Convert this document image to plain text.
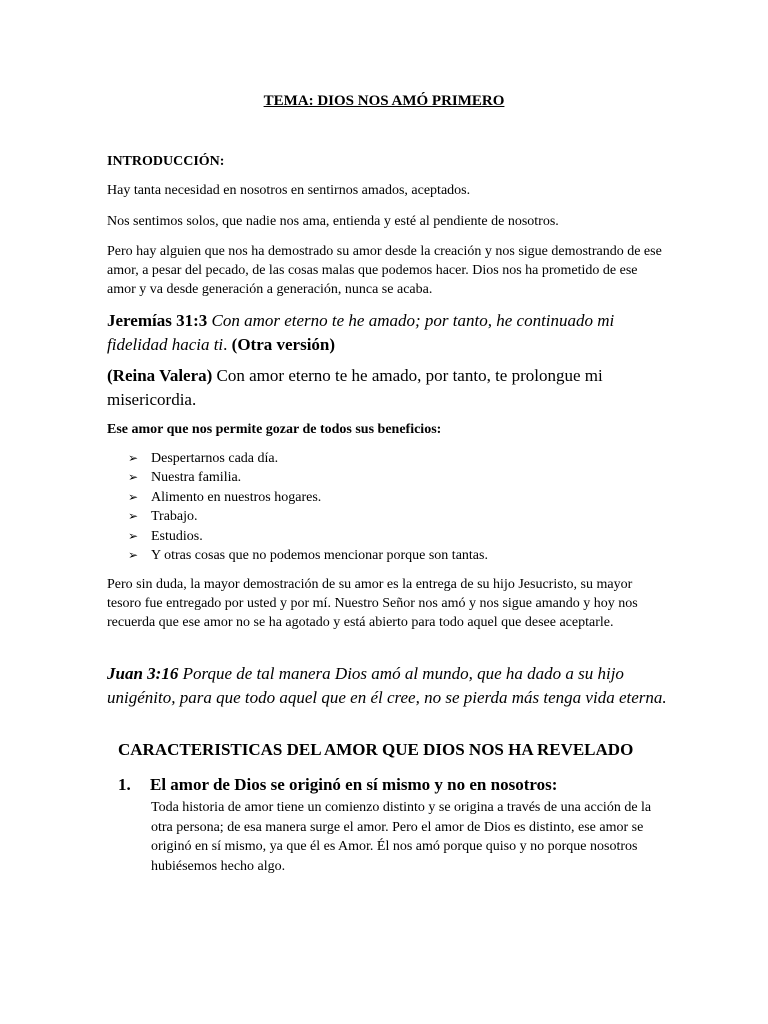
TEMA: DIOS NOS AMÓ PRIMERO
INTRODUCCIÓN:
Hay tanta necesidad en nosotros en sentirnos amados, aceptados.
Nos sentimos solos, que nadie nos ama, entienda y esté al pendiente de nosotros.
Pero hay alguien que nos ha demostrado su amor desde la creación y nos sigue demostrando de ese amor, a pesar del pecado, de las cosas malas que podemos hacer. Dios nos ha prometido de ese amor y va desde generación a generación, nunca se acaba.
Jeremías 31:3 Con amor eterno te he amado; por tanto, he continuado mi fidelidad hacia ti. (Otra versión)
(Reina Valera) Con amor eterno te he amado, por tanto, te prolongue mi misericordia.
Ese amor que nos permite gozar de todos sus beneficios:
➢ Despertarnos cada día.
➢ Nuestra familia.
➢ Alimento en nuestros hogares.
➢ Trabajo.
➢ Estudios.
➢ Y otras cosas que no podemos mencionar porque son tantas.
Pero sin duda, la mayor demostración de su amor es la entrega de su hijo Jesucristo, su mayor tesoro fue entregado por usted y por mí. Nuestro Señor nos amó y nos sigue amando y hoy nos recuerda que ese amor no se ha agotado y está abierto para todo aquel que desee aceptarle.
Juan 3:16 Porque de tal manera Dios amó al mundo, que ha dado a su hijo unigénito, para que todo aquel que en él cree, no se pierda más tenga vida eterna.
CARACTERISTICAS DEL AMOR QUE DIOS NOS HA REVELADO
1. El amor de Dios se originó en sí mismo y no en nosotros:
Toda historia de amor tiene un comienzo distinto y se origina a través de una acción de la otra persona; de esa manera surge el amor. Pero el amor de Dios es distinto, ese amor se originó en sí mismo, ya que él es Amor. Él nos amó porque quiso y no porque nosotros hubiésemos hecho algo.
